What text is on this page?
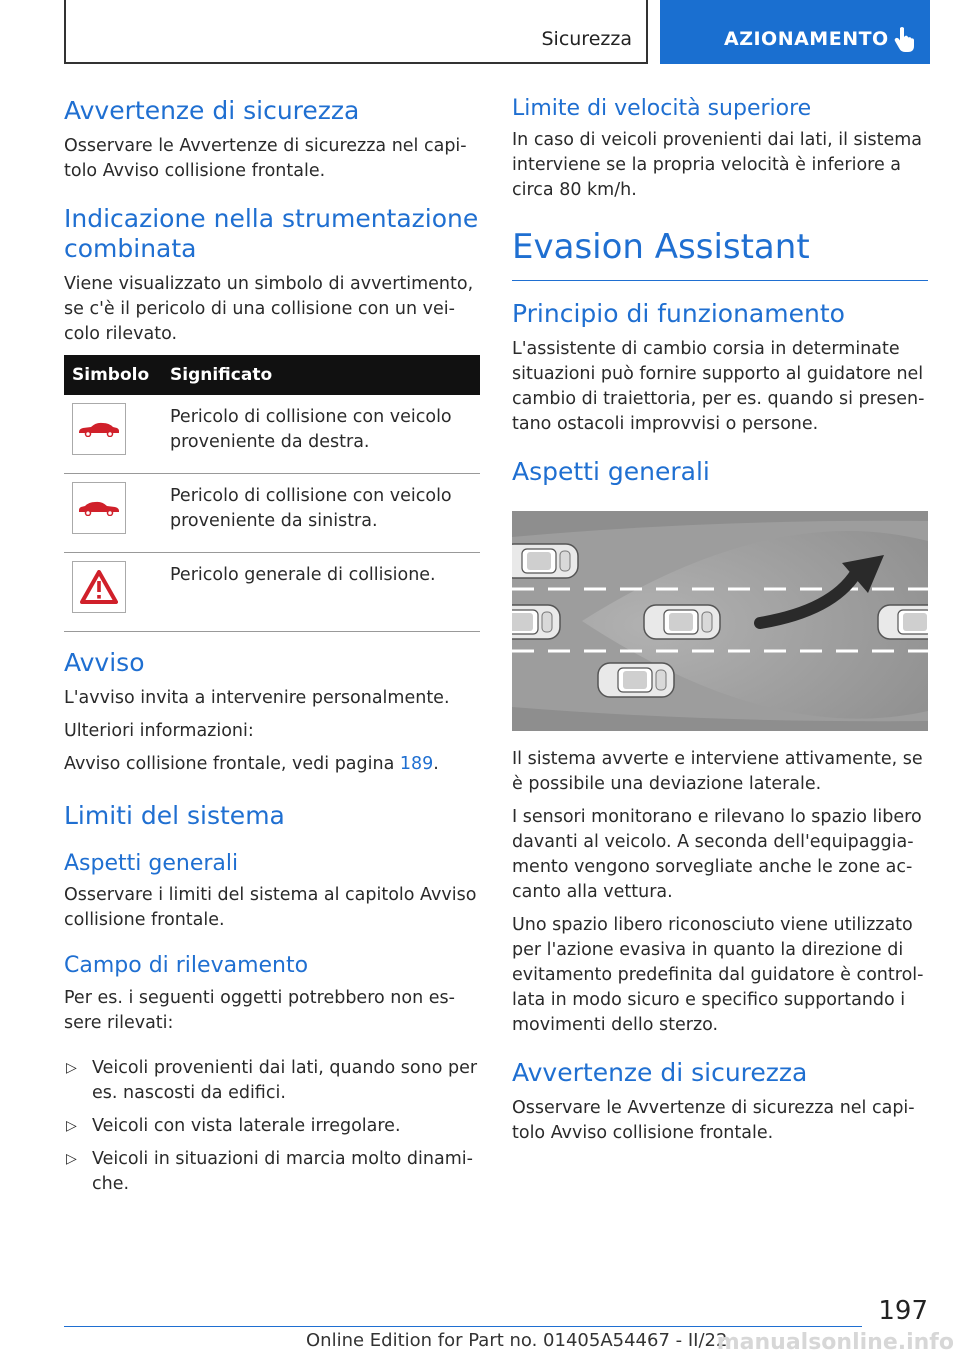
Sicurezza	AZIONAMENTO
Avvertenze di sicurezza

Osservare le Avvertenze di sicurezza nel capi-tolo Avviso collisione frontale.

Indicazione nella strumentazione combinata

Viene visualizzato un simbolo di avvertimento, se c'è il pericolo di una collisione con un vei-colo rilevato.

Simbolo	Significato

	Pericolo di collisione con veicolo proveniente da destra.

	Pericolo di collisione con veicolo proveniente da sinistra.

	Pericolo generale di collisione.
Avviso

L'avviso invita a intervenire personalmente.

Ulteriori informazioni:

Avviso collisione frontale, vedi pagina 189.

Limiti del sistema
Aspetti generali

Osservare i limiti del sistema al capitolo Avviso collisione frontale.

Campo di rilevamento

Per es. i seguenti oggetti potrebbero non es-sere rilevati:

▷ Veicoli provenienti dai lati, quando sono per es. nascosti da edifici.
▷ Veicoli con vista laterale irregolare.
▷ Veicoli in situazioni di marcia molto dinami-che.
Limite di velocità superiore

In caso di veicoli provenienti dai lati, il sistema interviene se la propria velocità è inferiore a circa 80 km/h.

Evasion Assistant
Principio di funzionamento

L'assistente di cambio corsia in determinate situazioni può fornire supporto al guidatore nel cambio di traiettoria, per es. quando si presen-tano ostacoli improvvisi o persone.

Aspetti generali

Il sistema avverte e interviene attivamente, se è possibile una deviazione laterale.

I sensori monitorano e rilevano lo spazio libero davanti al veicolo. A seconda dell'equipaggia-mento vengono sorvegliate anche le zone ac-canto alla vettura.

Uno spazio libero riconosciuto viene utilizzato per l'azione evasiva in quanto la direzione di evitamento predefinita dal guidatore è control-lata in modo sicuro e specifico supportando i movimenti dello sterzo.

Avvertenze di sicurezza

Osservare le Avvertenze di sicurezza nel capi-tolo Avviso collisione frontale.

197
Online Edition for Part no. 01405A54467 - II/22
manualsonline.info
